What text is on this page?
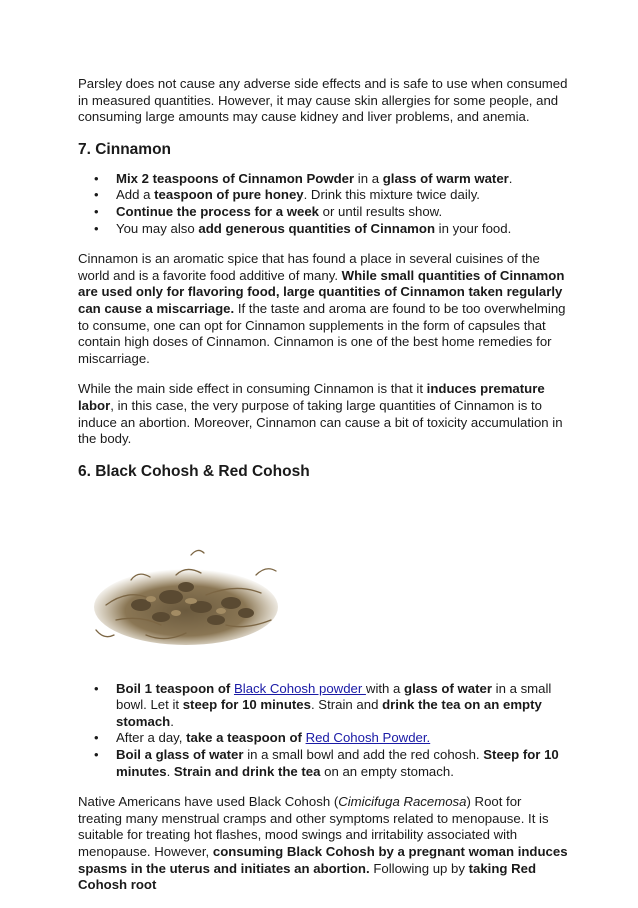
Parsley does not cause any adverse side effects and is safe to use when consumed in measured quantities. However, it may cause skin allergies for some people, and consuming large amounts may cause kidney and liver problems, and anemia.

7. Cinnamon
• Mix 2 teaspoons of Cinnamon Powder in a glass of warm water.
• Add a teaspoon of pure honey. Drink this mixture twice daily.
• Continue the process for a week or until results show.
• You may also add generous quantities of Cinnamon in your food.

Cinnamon is an aromatic spice that has found a place in several cuisines of the world and is a favorite food additive of many. While small quantities of Cinnamon are used only for flavoring food, large quantities of Cinnamon taken regularly can cause a miscarriage. If the taste and aroma are found to be too overwhelming to consume, one can opt for Cinnamon supplements in the form of capsules that contain high doses of Cinnamon. Cinnamon is one of the best home remedies for miscarriage.

While the main side effect in consuming Cinnamon is that it induces premature labor, in this case, the very purpose of taking large quantities of Cinnamon is to induce an abortion. Moreover, Cinnamon can cause a bit of toxicity accumulation in the body.

6. Black Cohosh & Red Cohosh
• Boil 1 teaspoon of Black Cohosh powder with a glass of water in a small bowl. Let it steep for 10 minutes. Strain and drink the tea on an empty stomach.
• After a day, take a teaspoon of Red Cohosh Powder.
• Boil a glass of water in a small bowl and add the red cohosh. Steep for 10 minutes. Strain and drink the tea on an empty stomach.

Native Americans have used Black Cohosh (Cimicifuga Racemosa) Root for treating many menstrual cramps and other symptoms related to menopause. It is suitable for treating hot flashes, mood swings and irritability associated with menopause. However, consuming Black Cohosh by a pregnant woman induces spasms in the uterus and initiates an abortion. Following up by taking Red Cohosh root
